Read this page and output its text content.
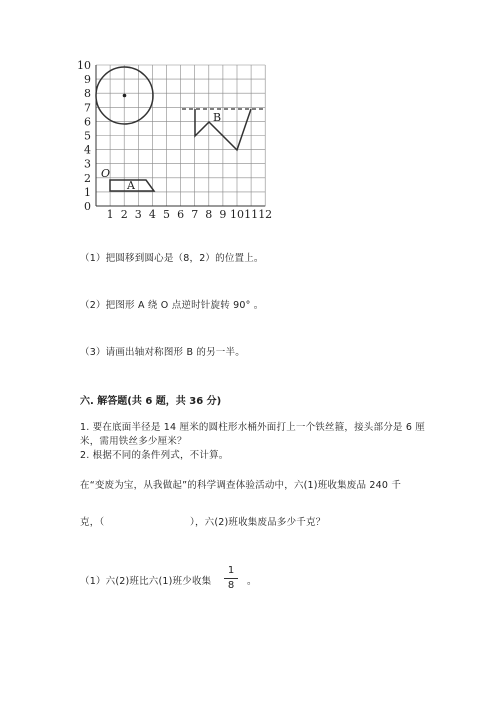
0
1
2
3
4
5
6
7
8
9
10
1 2 3 4 5 6 7 8 9 10 11 12
O
A
B
（1）把圆移到圆心是（8，2）的位置上。
（2）把图形 A 绕 O 点逆时针旋转 90° 。
（3）请画出轴对称图形 B 的另一半。
六. 解答题(共 6 题，共 36 分)
1. 要在底面半径是 14 厘米的圆柱形水桶外面打上一个铁丝箍，接头部分是 6 厘
米，需用铁丝多少厘米？
2. 根据不同的条件列式，不计算。
在“变废为宝，从我做起”的科学调查体验活动中，六(1)班收集废品 240 千
克，（	），六(2)班收集废品多少千克？
（1）六(2)班比六(1)班少收集
1
8	。
